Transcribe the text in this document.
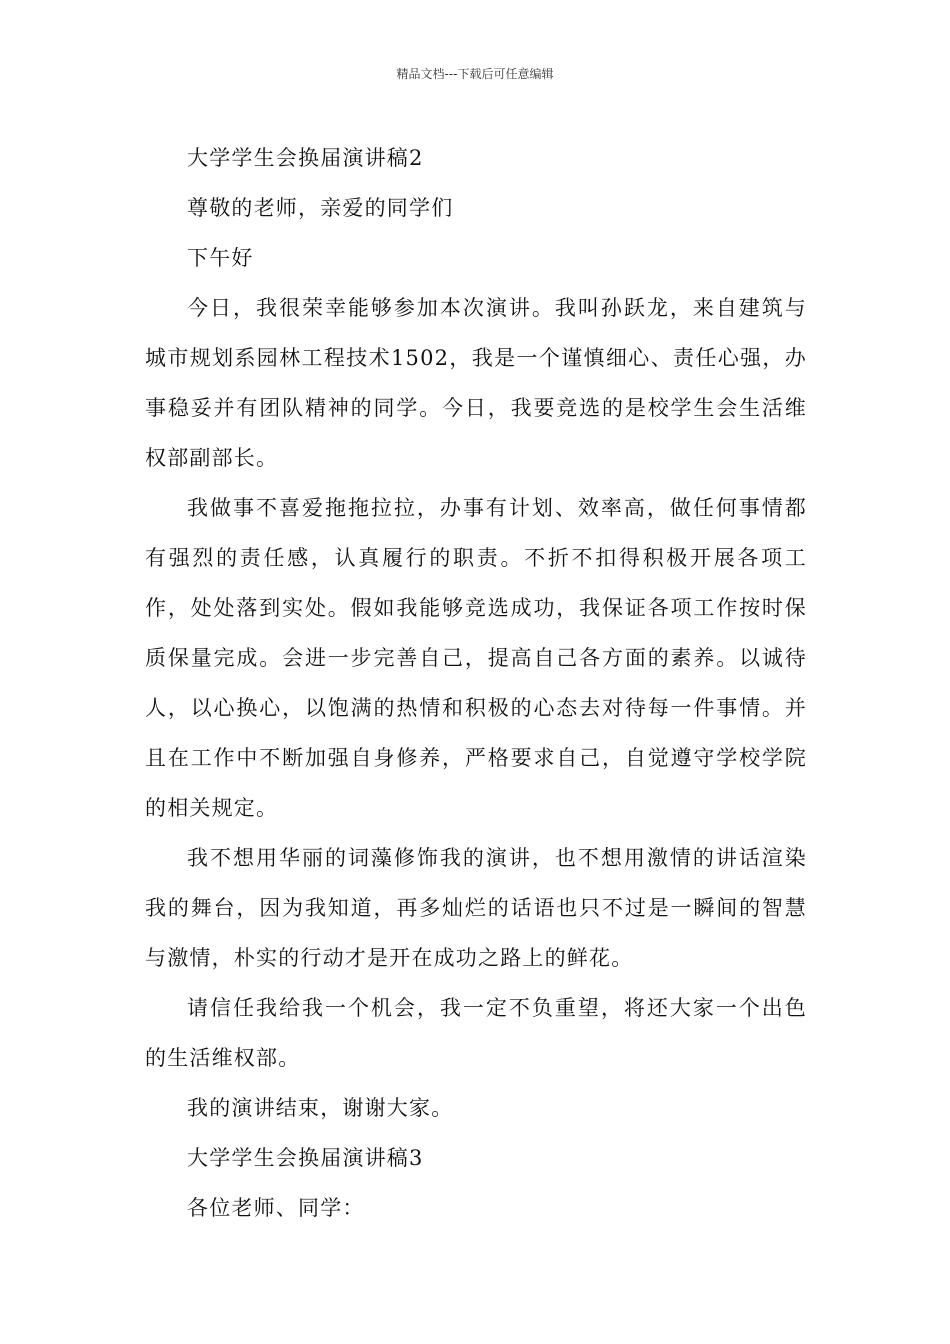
精品文档---下载后可任意编辑

大学学生会换届演讲稿2

尊敬的老师，亲爱的同学们

下午好

今日，我很荣幸能够参加本次演讲。我叫孙跃龙，来自建筑与城市规划系园林工程技术1502，我是一个谨慎细心、责任心强，办事稳妥并有团队精神的同学。今日，我要竞选的是校学生会生活维权部副部长。

我做事不喜爱拖拖拉拉，办事有计划、效率高，做任何事情都有强烈的责任感，认真履行的职责。不折不扣得积极开展各项工作，处处落到实处。假如我能够竞选成功，我保证各项工作按时保质保量完成。会进一步完善自己，提高自己各方面的素养。以诚待人，以心换心，以饱满的热情和积极的心态去对待每一件事情。并且在工作中不断加强自身修养，严格要求自己，自觉遵守学校学院的相关规定。

我不想用华丽的词藻修饰我的演讲，也不想用激情的讲话渲染我的舞台，因为我知道，再多灿烂的话语也只不过是一瞬间的智慧与激情，朴实的行动才是开在成功之路上的鲜花。

请信任我给我一个机会，我一定不负重望，将还大家一个出色的生活维权部。

我的演讲结束，谢谢大家。

大学学生会换届演讲稿3

各位老师、同学：
